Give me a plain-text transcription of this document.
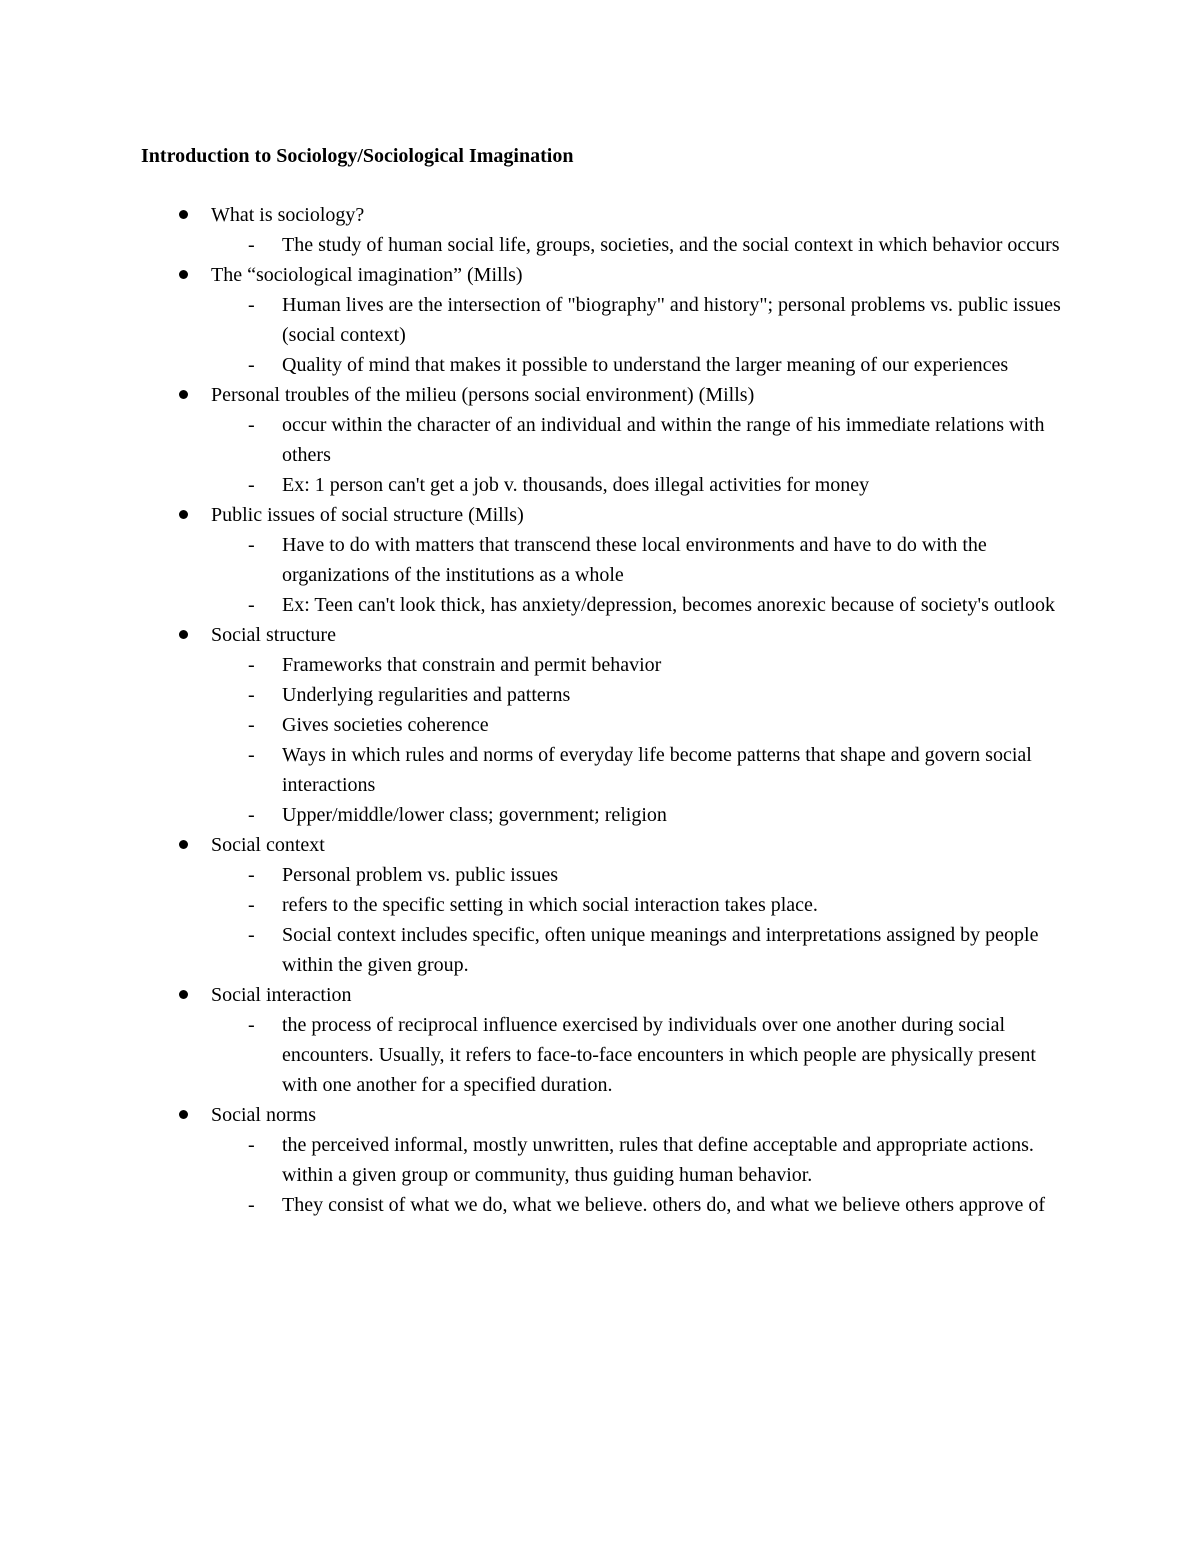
Introduction to Sociology/Sociological Imagination
What is sociology?
- The study of human social life, groups, societies, and the social context in which behavior occurs
The “sociological imagination” (Mills)
- Human lives are the intersection of "biography" and history"; personal problems vs. public issues (social context)
- Quality of mind that makes it possible to understand the larger meaning of our experiences
Personal troubles of the milieu (persons social environment) (Mills)
- occur within the character of an individual and within the range of his immediate relations with others
- Ex: 1 person can't get a job v. thousands, does illegal activities for money
Public issues of social structure (Mills)
- Have to do with matters that transcend these local environments and have to do with the organizations of the institutions as a whole
- Ex: Teen can't look thick, has anxiety/depression, becomes anorexic because of society's outlook
Social structure
- Frameworks that constrain and permit behavior
- Underlying regularities and patterns
- Gives societies coherence
- Ways in which rules and norms of everyday life become patterns that shape and govern social interactions
- Upper/middle/lower class; government; religion
Social context
- Personal problem vs. public issues
- refers to the specific setting in which social interaction takes place.
- Social context includes specific, often unique meanings and interpretations assigned by people within the given group.
Social interaction
- the process of reciprocal influence exercised by individuals over one another during social encounters. Usually, it refers to face-to-face encounters in which people are physically present with one another for a specified duration.
Social norms
- the perceived informal, mostly unwritten, rules that define acceptable and appropriate actions. within a given group or community, thus guiding human behavior.
- They consist of what we do, what we believe. others do, and what we believe others approve of
